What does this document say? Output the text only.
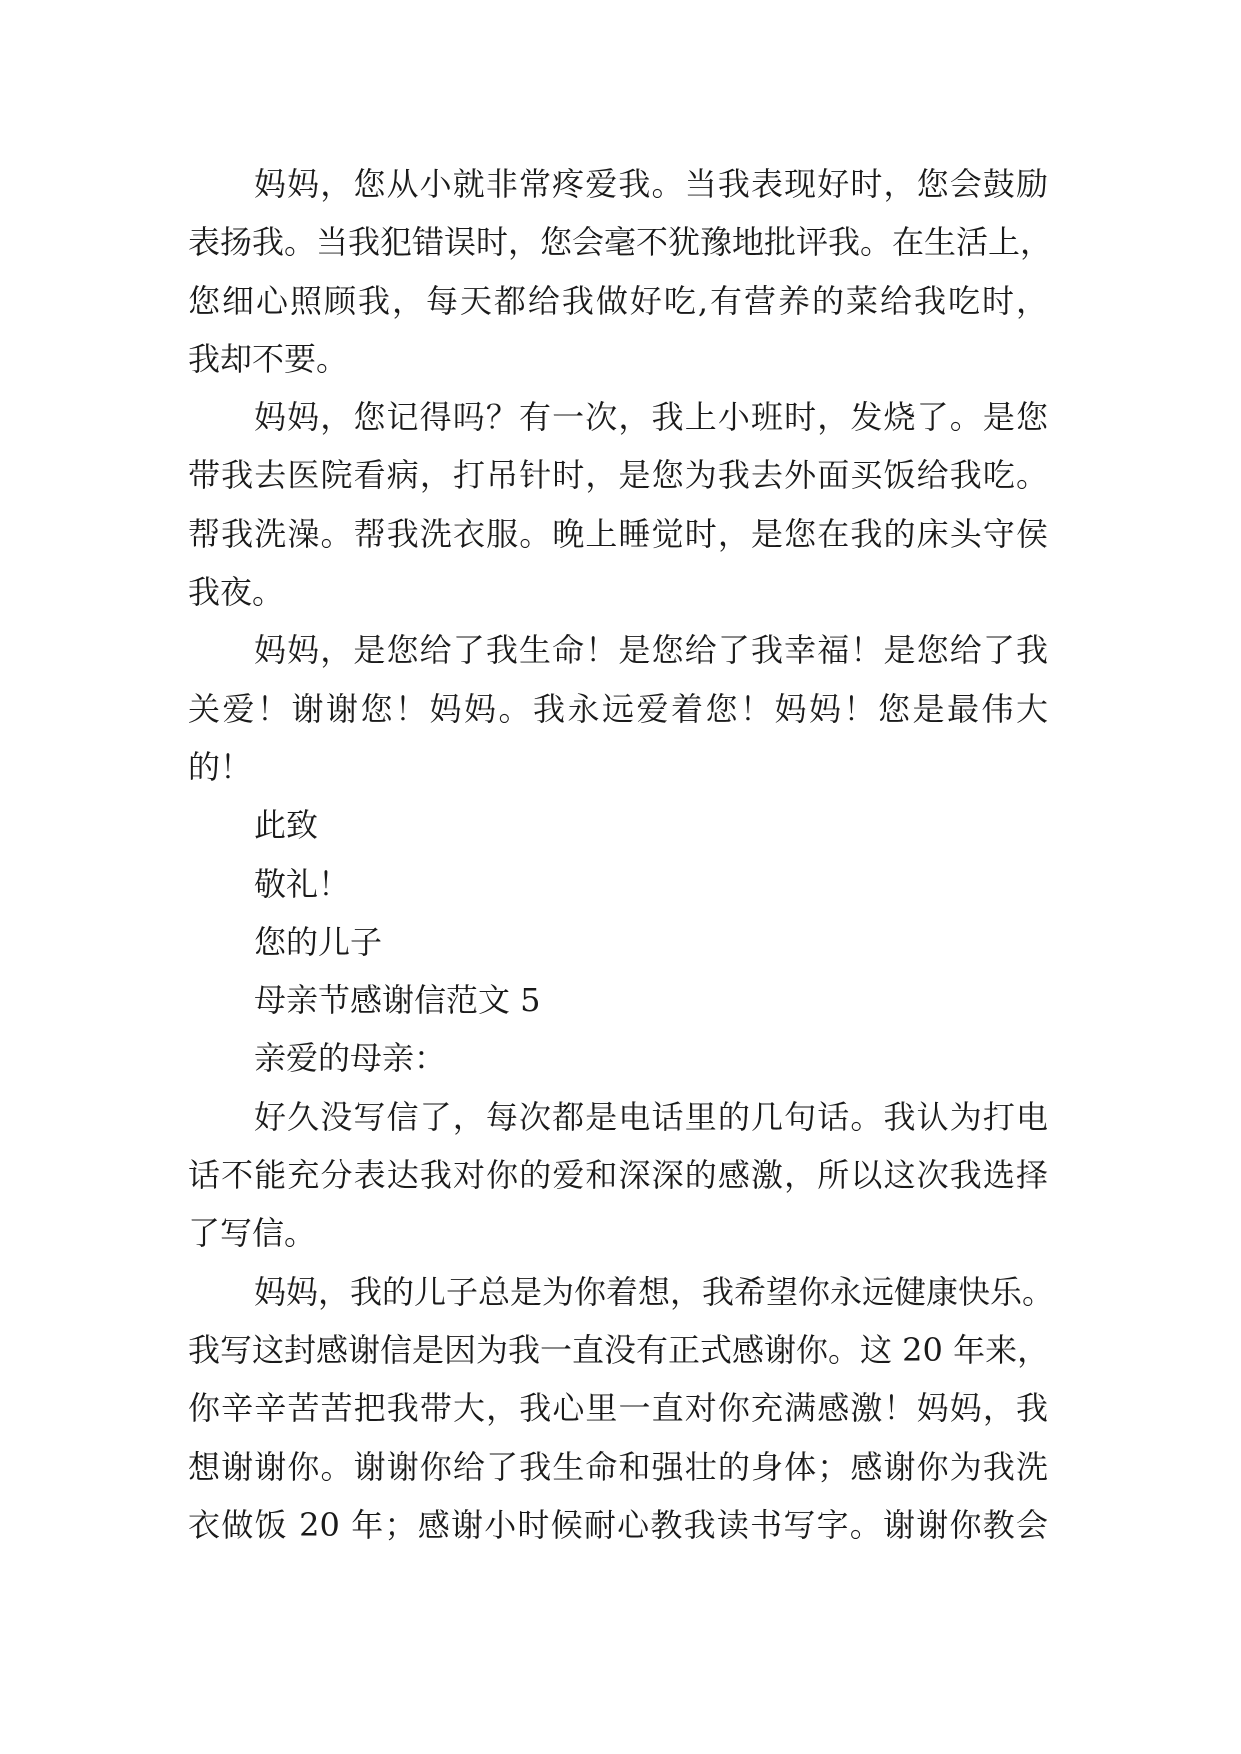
妈妈，您从小就非常疼爱我。当我表现好时，您会鼓励
表扬我。当我犯错误时，您会毫不犹豫地批评我。在生活上，
您细心照顾我，每天都给我做好吃,有营养的菜给我吃时，
我却不要。
妈妈，您记得吗？有一次，我上小班时，发烧了。是您
带我去医院看病，打吊针时，是您为我去外面买饭给我吃。
帮我洗澡。帮我洗衣服。晚上睡觉时，是您在我的床头守侯
我夜。
妈妈，是您给了我生命！是您给了我幸福！是您给了我
关爱！谢谢您！妈妈。我永远爱着您！妈妈！您是最伟大
的！
此致
敬礼！
您的儿子
母亲节感谢信范文 5
亲爱的母亲：
好久没写信了，每次都是电话里的几句话。我认为打电
话不能充分表达我对你的爱和深深的感激，所以这次我选择
了写信。
妈妈，我的儿子总是为你着想，我希望你永远健康快乐。
我写这封感谢信是因为我一直没有正式感谢你。这 20 年来，
你辛辛苦苦把我带大，我心里一直对你充满感激！妈妈，我
想谢谢你。谢谢你给了我生命和强壮的身体；感谢你为我洗
衣做饭 20 年；感谢小时候耐心教我读书写字。谢谢你教会
